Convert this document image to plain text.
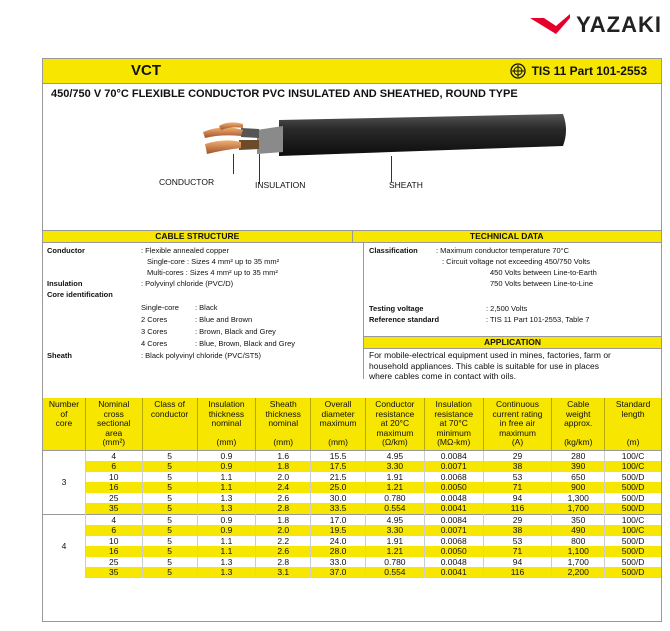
YAZAKI
VCT	TIS 11 Part 101-2553
450/750 V 70°C FLEXIBLE CONDUCTOR PVC INSULATED AND SHEATHED, ROUND TYPE
CONDUCTOR	INSULATION	SHEATH
CABLE STRUCTURE	TECHNICAL DATA
Conductor	: Flexible annealed copper
Single-core : Sizes 4 mm² up to 35 mm²
Multi-cores : Sizes 4 mm² up to 35 mm²
Insulation	: Polyvinyl chloride (PVC/D)
Core identification
Single-core : Black
2 Cores	: Blue and Brown
3 Cores	: Brown, Black and Grey
4 Cores	: Blue, Brown, Black and Grey
Sheath	: Black polyvinyl chloride (PVC/ST5)
Classification : Maximum conductor temperature 70°C
: Circuit voltage not exceeding 450/750 Volts
450 Volts between Line-to-Earth
750 Volts between Line-to-Line
Testing voltage	: 2,500 Volts
Reference standard	: TIS 11 Part 101-2553, Table 7
APPLICATION
For mobile-electrical equipment used in mines, factories, farm or household appliances. This cable is suitable for use in places where cables come in contact with oils.
Number
of
core	Nominal
cross
sectional
area
(mm²)	Class of
conductor	Insulation
thickness
nominal

(mm)	Sheath
thickness
nominal

(mm)	Overall
diameter
maximum

(mm)	Conductor
resistance
at 20°C
maximum
(Ω/km)	Insulation
resistance
at 70°C
minimum
(MΩ-km)	Continuous
current rating
in free air
maximum
(A)	Cable
weight
approx.

(kg/km)	Standard
length

(m)
3	4	5	0.9	1.6	15.5	4.95	0.0084	29	280	100/C
	6	5	0.9	1.8	17.5	3.30	0.0071	38	390	100/C
	10	5	1.1	2.0	21.5	1.91	0.0068	53	650	500/D
	16	5	1.1	2.4	25.0	1.21	0.0050	71	900	500/D
	25	5	1.3	2.6	30.0	0.780	0.0048	94	1,300	500/D
	35	5	1.3	2.8	33.5	0.554	0.0041	116	1,700	500/D
4	4	5	0.9	1.8	17.0	4.95	0.0084	29	350	100/C
	6	5	0.9	2.0	19.5	3.30	0.0071	38	490	100/C
	10	5	1.1	2.2	24.0	1.91	0.0068	53	800	500/D
	16	5	1.1	2.6	28.0	1.21	0.0050	71	1,100	500/D
	25	5	1.3	2.8	33.0	0.780	0.0048	94	1,700	500/D
	35	5	1.3	3.1	37.0	0.554	0.0041	116	2,200	500/D
